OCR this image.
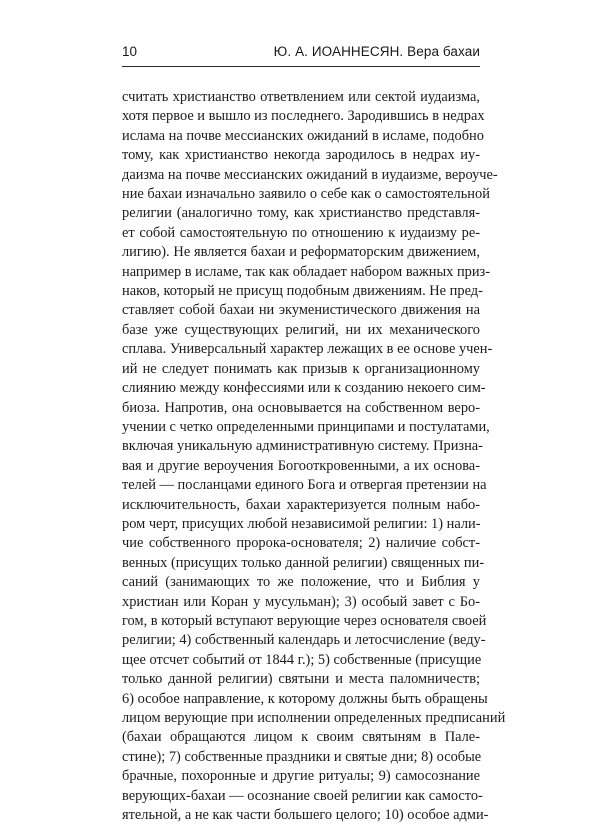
10	Ю. А. ИОАННЕСЯН. Вера бахаи
считать христианство ответвлением или сектой иудаизма,
хотя первое и вышло из последнего. Зародившись в недрах
ислама на почве мессианских ожиданий в исламе, подобно
тому, как христианство некогда зародилось в недрах иу-
даизма на почве мессианских ожиданий в иудаизме, вероуче-
ние бахаи изначально заявило о себе как о самостоятельной
религии (аналогично тому, как христианство представля-
ет собой самостоятельную по отношению к иудаизму ре-
лигию). Не является бахаи и реформаторским движением,
например в исламе, так как обладает набором важных приз-
наков, который не присущ подобным движениям. Не пред-
ставляет собой бахаи ни экуменистического движения на
базе уже существующих религий, ни их механического
сплава. Универсальный характер лежащих в ее основе учен-
ий не следует понимать как призыв к организационному
слиянию между конфессиями или к созданию некоего сим-
биоза. Напротив, она основывается на собственном веро-
учении с четко определенными принципами и постулатами,
включая уникальную административную систему. Призна-
вая и другие вероучения Богооткровенными, а их основа-
телей — посланцами единого Бога и отвергая претензии на
исключительность, бахаи характеризуется полным набо-
ром черт, присущих любой независимой религии: 1) нали-
чие собственного пророка-основателя; 2) наличие собст-
венных (присущих только данной религии) священных пи-
саний (занимающих то же положение, что и Библия у
христиан или Коран у мусульман); 3) особый завет с Бо-
гом, в который вступают верующие через основателя своей
религии; 4) собственный календарь и летосчисление (веду-
щее отсчет событий от 1844 г.); 5) собственные (присущие
только данной религии) святыни и места паломничеств;
6) особое направление, к которому должны быть обращены
лицом верующие при исполнении определенных предписаний
(бахаи обращаются лицом к своим святыням в Пале-
стине); 7) собственные праздники и святые дни; 8) особые
брачные, похоронные и другие ритуалы; 9) самосознание
верующих-бахаи — осознание своей религии как самосто-
ятельной, а не как части большего целого; 10) особое адми-
